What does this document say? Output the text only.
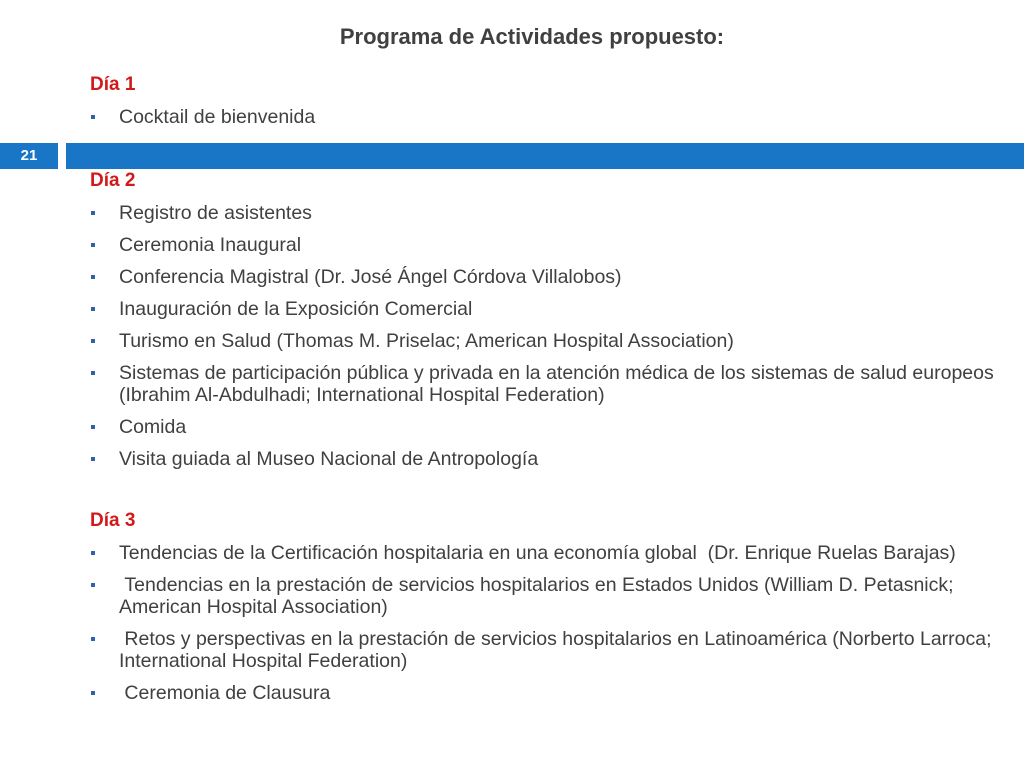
Programa de Actividades propuesto:
21
Día 1
Cocktail de bienvenida
Día 2
Registro de asistentes
Ceremonia Inaugural
Conferencia Magistral (Dr. José Ángel Córdova Villalobos)
Inauguración de la Exposición Comercial
Turismo en Salud (Thomas M. Priselac; American Hospital Association)
Sistemas de participación pública y privada en la atención médica de los sistemas de salud europeos (Ibrahim Al-Abdulhadi; International Hospital Federation)
Comida
Visita guiada al Museo Nacional de Antropología
Día 3
Tendencias de la Certificación hospitalaria en una economía global  (Dr. Enrique Ruelas Barajas)
Tendencias en la prestación de servicios hospitalarios en Estados Unidos (William D. Petasnick; American Hospital Association)
Retos y perspectivas en la prestación de servicios hospitalarios en Latinoamérica (Norberto Larroca; International Hospital Federation)
Ceremonia de Clausura
